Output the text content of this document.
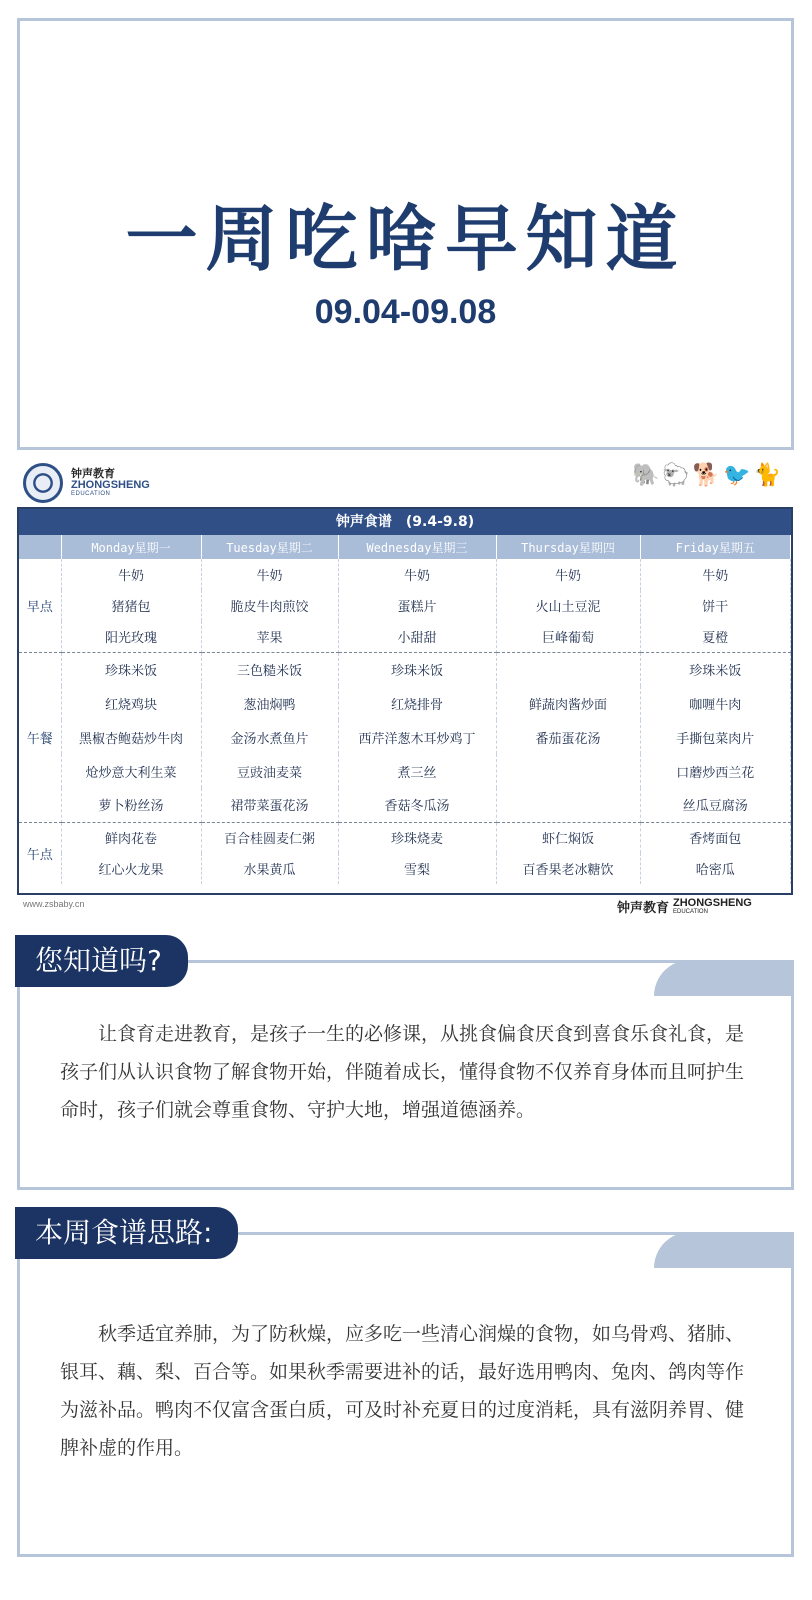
一周吃啥早知道
09.04-09.08
钟声教育
ZHONGSHENG
EDUCATION
🐘 🐑 🐕 🐦 🐈
钟声食谱 (9.4-9.8)
	Monday星期一	Tuesday星期二	Wednesday星期三	Thursday星期四	Friday星期五
早点	牛奶	牛奶	牛奶	牛奶	牛奶
	猪猪包	脆皮牛肉煎饺	蛋糕片	火山土豆泥	饼干
	阳光玫瑰	苹果	小甜甜	巨峰葡萄	夏橙
午餐	珍珠米饭	三色糙米饭	珍珠米饭		珍珠米饭
	红烧鸡块	葱油焖鸭	红烧排骨	鲜蔬肉酱炒面	咖喱牛肉
	黑椒杏鲍菇炒牛肉	金汤水煮鱼片	西芹洋葱木耳炒鸡丁	番茄蛋花汤	手撕包菜肉片
	炝炒意大利生菜	豆豉油麦菜	煮三丝		口蘑炒西兰花
	萝卜粉丝汤	裙带菜蛋花汤	香菇冬瓜汤		丝瓜豆腐汤
午点	鲜肉花卷	百合桂圆麦仁粥	珍珠烧麦	虾仁焖饭	香烤面包
	红心火龙果	水果黄瓜	雪梨	百香果老冰糖饮	哈密瓜
www.zsbaby.cn	钟声教育 ZHONGSHENG
EDUCATION
您知道吗?
让食育走进教育，是孩子一生的必修课，从挑食偏食厌食到喜食乐食礼食，是孩子们从认识食物了解食物开始，伴随着成长，懂得食物不仅养育身体而且呵护生命时，孩子们就会尊重食物、守护大地，增强道德涵养。
本周食谱思路:
秋季适宜养肺，为了防秋燥，应多吃一些清心润燥的食物，如乌骨鸡、猪肺、银耳、藕、梨、百合等。如果秋季需要进补的话，最好选用鸭肉、兔肉、鸽肉等作为滋补品。鸭肉不仅富含蛋白质，可及时补充夏日的过度消耗，具有滋阴养胃、健脾补虚的作用。
